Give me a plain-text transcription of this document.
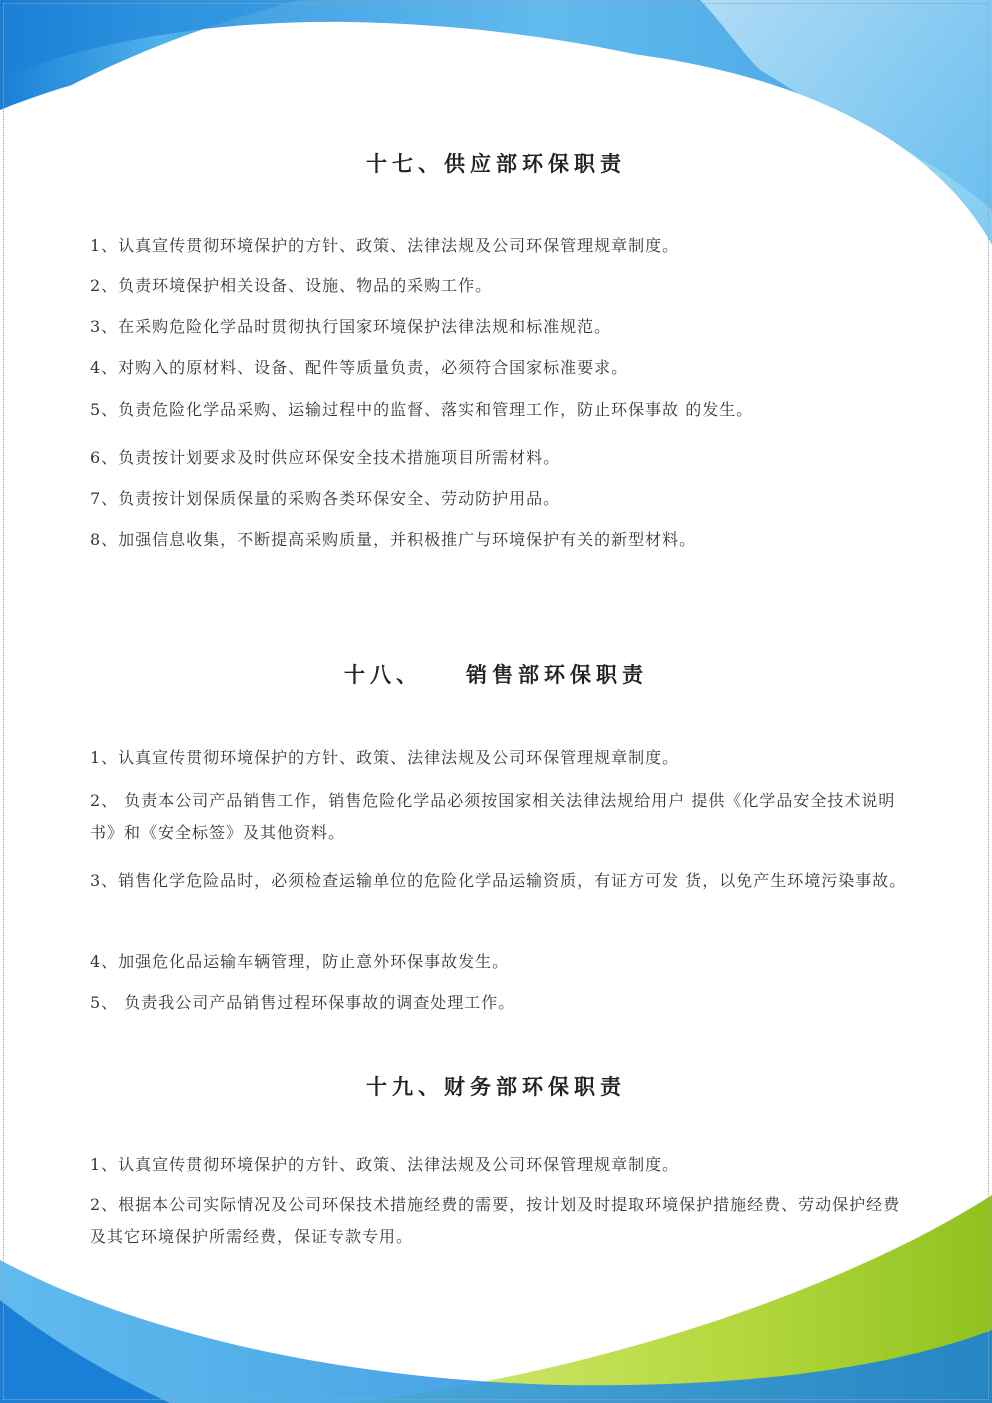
十七、供应部环保职责
1、认真宣传贯彻环境保护的方针、政策、法律法规及公司环保管理规章制度。
2、负责环境保护相关设备、设施、物品的采购工作。
3、在采购危险化学品时贯彻执行国家环境保护法律法规和标准规范。
4、对购入的原材料、设备、配件等质量负责，必须符合国家标准要求。
5、负责危险化学品采购、运输过程中的监督、落实和管理工作，防止环保事故 的发生。
6、负责按计划要求及时供应环保安全技术措施项目所需材料。
7、负责按计划保质保量的采购各类环保安全、劳动防护用品。
8、加强信息收集，不断提高采购质量，并积极推广与环境保护有关的新型材料。
十八、 销售部环保职责
1、认真宣传贯彻环境保护的方针、政策、法律法规及公司环保管理规章制度。
2、 负责本公司产品销售工作，销售危险化学品必须按国家相关法律法规给用户 提供《化学品安全技术说明书》和《安全标签》及其他资料。
3、销售化学危险品时，必须检查运输单位的危险化学品运输资质，有证方可发 货，以免产生环境污染事故。
4、加强危化品运输车辆管理，防止意外环保事故发生。
5、 负责我公司产品销售过程环保事故的调查处理工作。
十九、财务部环保职责
1、认真宣传贯彻环境保护的方针、政策、法律法规及公司环保管理规章制度。
2、根据本公司实际情况及公司环保技术措施经费的需要，按计划及时提取环境保护措施经费、劳动保护经费及其它环境保护所需经费，保证专款专用。
